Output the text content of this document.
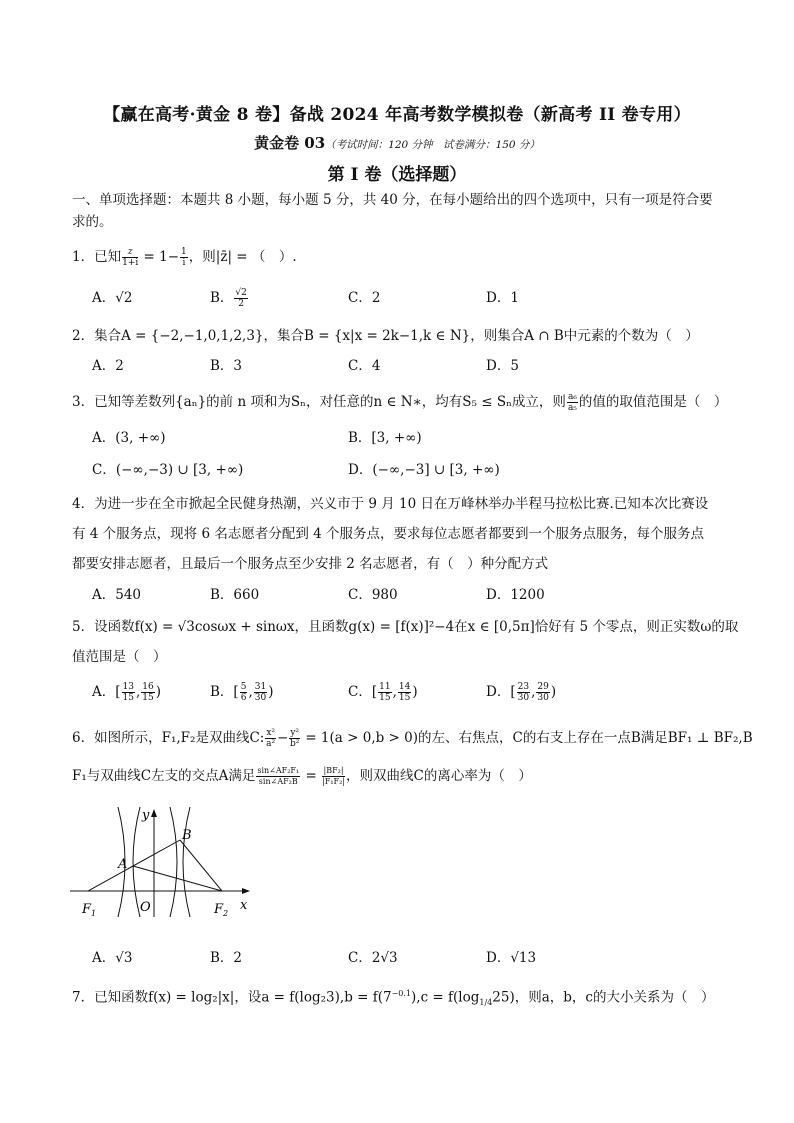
【赢在高考·黄金 8 卷】备战 2024 年高考数学模拟卷（新高考 II 卷专用）
黄金卷 03（考试时间：120 分钟　试卷满分：150 分）
第 I 卷（选择题）
一、单项选择题：本题共 8 小题，每小题 5 分，共 40 分，在每小题给出的四个选项中，只有一项是符合要
求的。
1．已知 $\frac{z}{1+i} = 1- \frac{1}{i}$ ，则|z̄| = （　）.
A．√2	B． $\frac{√2}{2}$	C．2	D．1
2．集合A = {−2,−1,0,1,2,3}，集合B = {x|x = 2k−1,k ∈ N}，则集合A ∩ B中元素的个数为（　）
A．2	B．3	C．4	D．5
3．已知等差数列{aₙ}的前 n 项和为Sₙ，对任意的n ∈ N∗，均有S₅ ≤ Sₙ成立，则 $\frac{\text{a₆}}{\text{a₅}}$ 的值的取值范围是（　）
A．(3, +∞)	B．[3, +∞)
C．(−∞,−3) ∪ [3, +∞)	D．(−∞,−3] ∪ [3, +∞)
4．为进一步在全市掀起全民健身热潮，兴义市于 9 月 10 日在万峰林举办半程马拉松比赛.已知本次比赛设
有 4 个服务点，现将 6 名志愿者分配到 4 个服务点，要求每位志愿者都要到一个服务点服务，每个服务点
都要安排志愿者，且最后一个服务点至少安排 2 名志愿者，有（　）种分配方式
A．540	B．660	C．980	D．1200
5．设函数f(x) = √3cosωx + sinωx，且函数g(x) = [f(x)]²−4在x ∈ [0,5π]恰好有 5 个零点，则正实数ω的取
值范围是（　）
A．[ $\frac{13}{15}$ , $\frac{16}{15}$ )	B．[ $\frac{5}{6}$ , $\frac{31}{30}$ )	C．[ $\frac{11}{15}$ , $\frac{14}{15}$ )	D．[ $\frac{23}{30}$ , $\frac{29}{30}$ )
6．如图所示，F₁,F₂是双曲线C: $\frac{\text{x²}}{\text{a²}} - \frac{\text{y²}}{\text{b²}} = 1(a > 0,b > 0)$的左、右焦点，C的右支上存在一点B满足BF₁ ⊥ BF₂,B
F₁与双曲线C左支的交点A满足 $\frac{\text{sin∠AF₂F₁}}{\text{sin∠AF₂B}} = \frac{\text{|BF₂|}}{\text{|F₁F₂|}}$ ，则双曲线C的离心率为（　）
y
x
O
A
B
$F_1$	$F_2$
A．√3	B．2	C．2√3	D．√13
7．已知函数f(x) = log₂|x|，设$a = f(\log_23),b = f(7^{-0.1}),c = f(\log_{1/4}25)$，则a，b，c的大小关系为（　）
